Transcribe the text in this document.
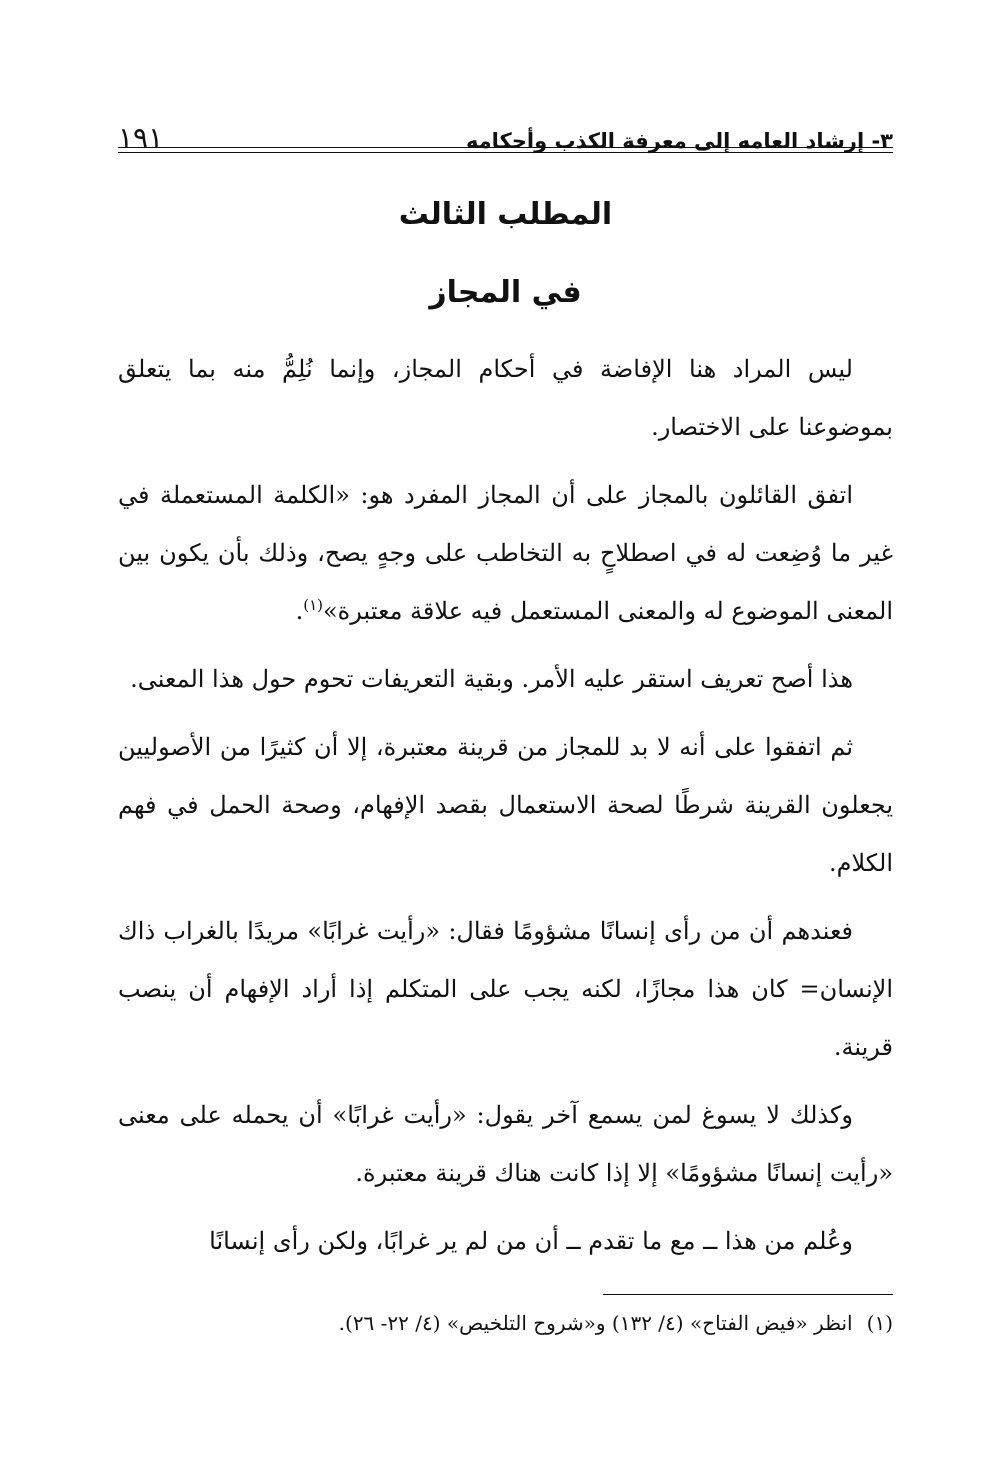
٣- إرشاد العامه إلى معرفة الكذب وأحكامه
١٩١
المطلب الثالث
في المجاز

ليس المراد هنا الإفاضة في أحكام المجاز، وإنما نُلِمُّ منه بما يتعلق بموضوعنا على الاختصار.

اتفق القائلون بالمجاز على أن المجاز المفرد هو: «الكلمة المستعملة في غير ما وُضِعت له في اصطلاحٍ به التخاطب على وجهٍ يصح، وذلك بأن يكون بين المعنى الموضوع له والمعنى المستعمل فيه علاقة معتبرة»$^{(١)}$.

هذا أصح تعريف استقر عليه الأمر. وبقية التعريفات تحوم حول هذا المعنى.

ثم اتفقوا على أنه لا بد للمجاز من قرينة معتبرة، إلا أن كثيرًا من الأصوليين يجعلون القرينة شرطًا لصحة الاستعمال بقصد الإفهام، وصحة الحمل في فهم الكلام.

فعندهم أن من رأى إنسانًا مشؤومًا فقال: «رأيت غرابًا» مريدًا بالغراب ذاك الإنسان= كان هذا مجازًا، لكنه يجب على المتكلم إذا أراد الإفهام أن ينصب قرينة.

وكذلك لا يسوغ لمن يسمع آخر يقول: «رأيت غرابًا» أن يحمله على معنى «رأيت إنسانًا مشؤومًا» إلا إذا كانت هناك قرينة معتبرة.

وعُلم من هذا ــ مع ما تقدم ــ أن من لم ير غرابًا، ولكن رأى إنسانًا

(١)انظر «فيض الفتاح» (٤/ ١٣٢) و«شروح التلخيص» (٤/ ٢٢- ٢٦).
